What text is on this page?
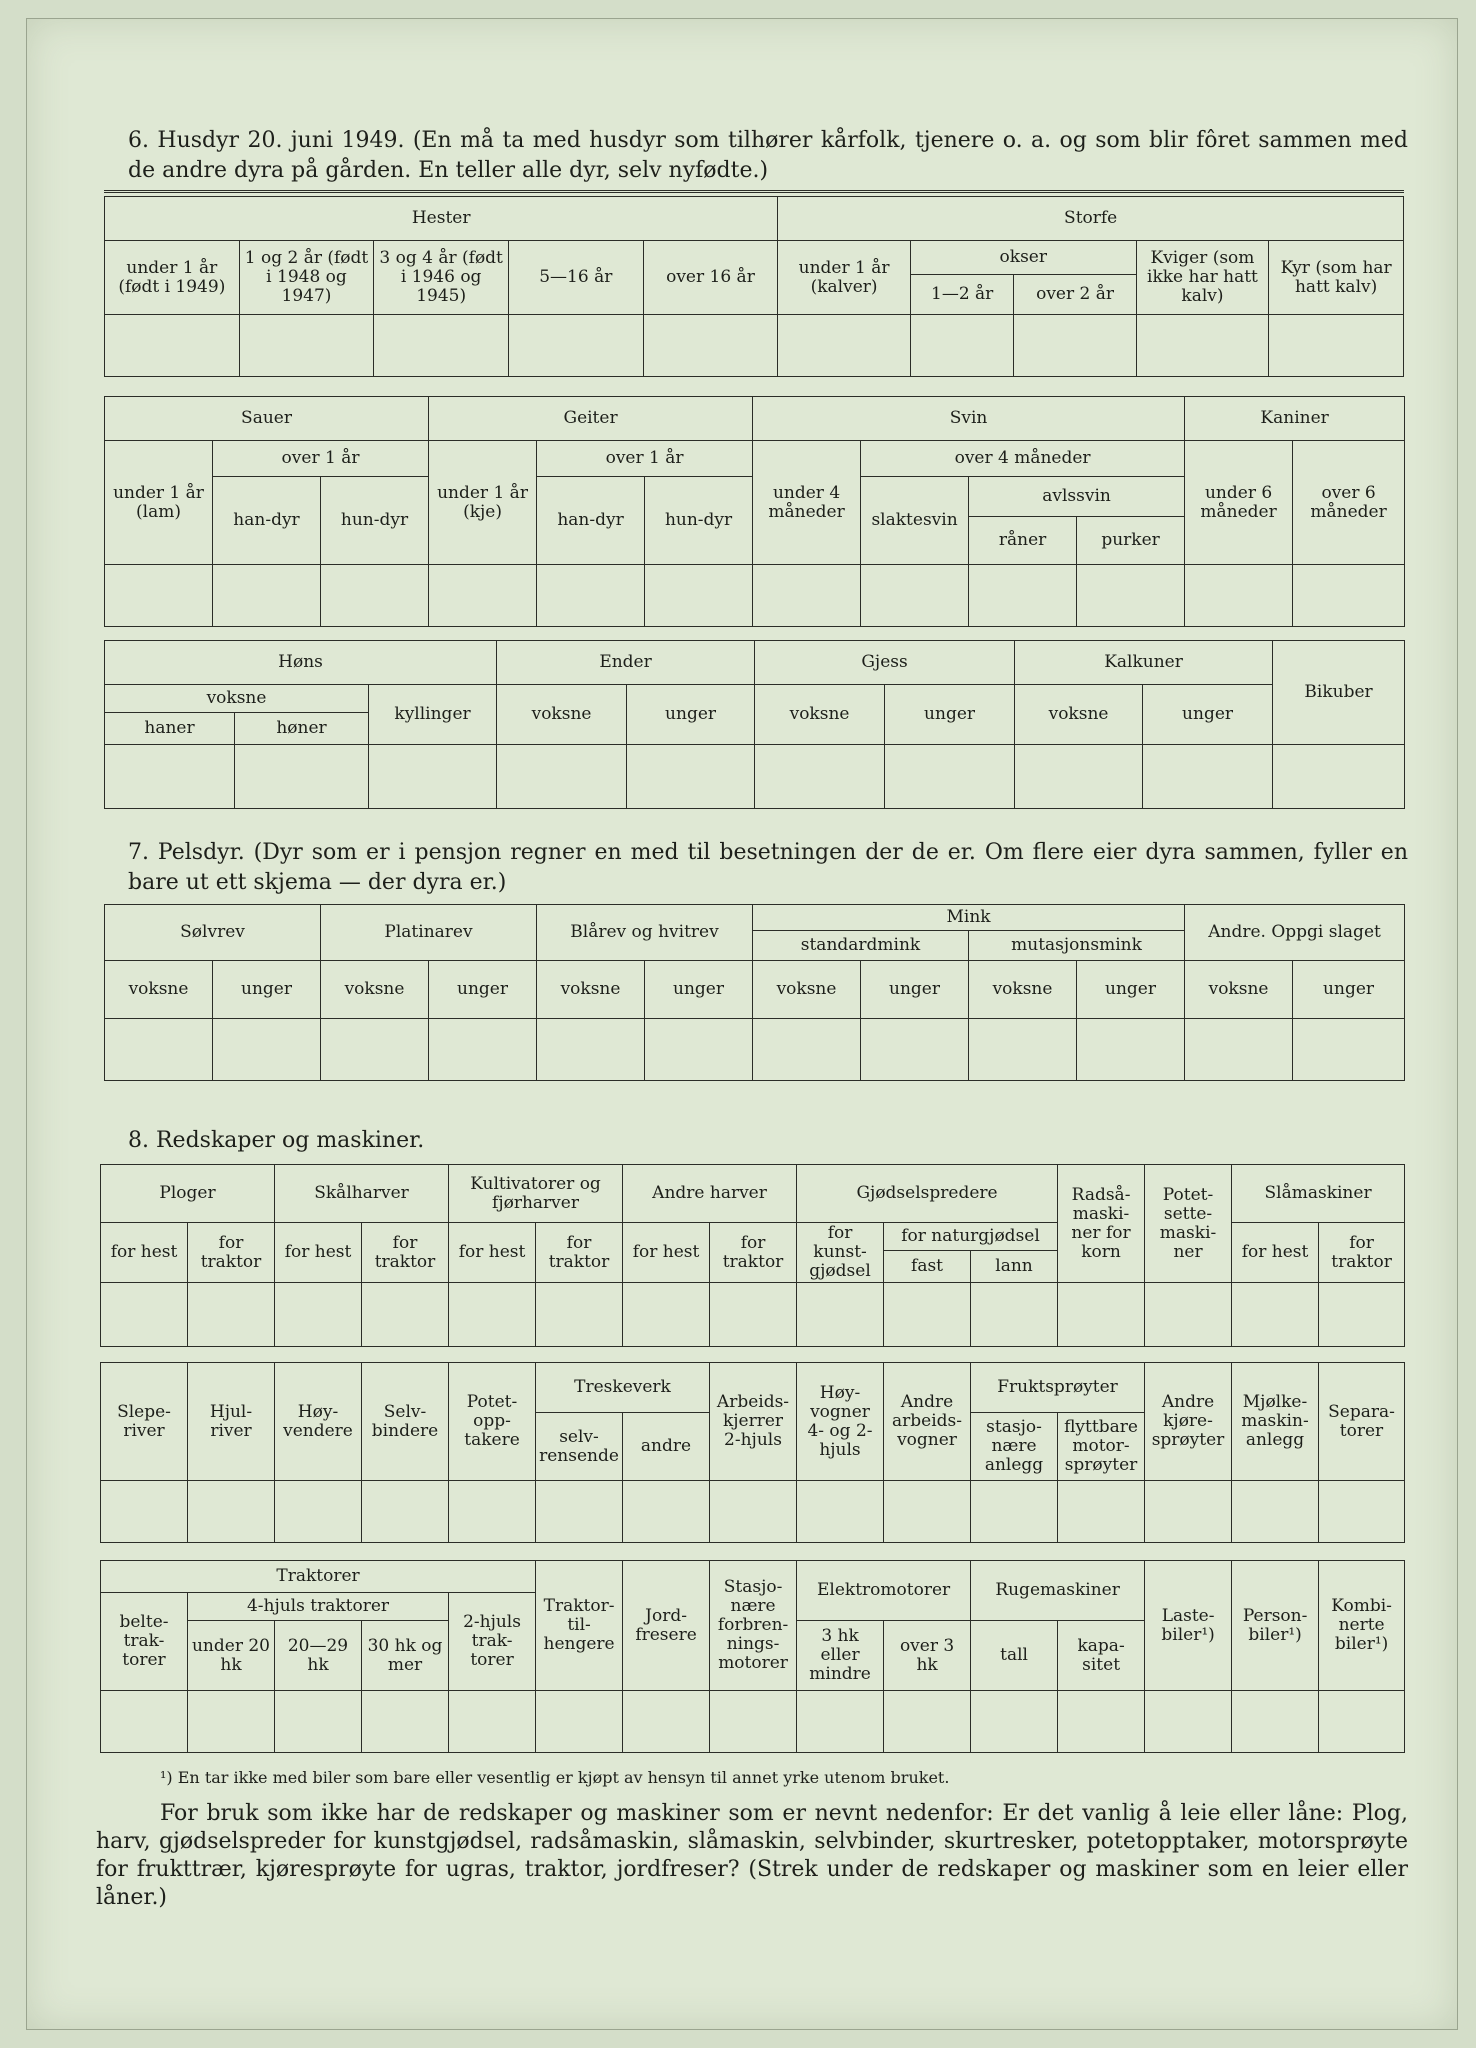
6. Husdyr 20. juni 1949. (En må ta med husdyr som tilhører kårfolk, tjenere o. a. og som blir fôret sammen med de andre dyra på gården. En teller alle dyr, selv nyfødte.)
Hester					Storfe				
under 1 år (født i 1949)	1 og 2 år (født i 1948 og 1947)	3 og 4 år (født i 1946 og 1945)	5—16 år	over 16 år	under 1 år (kalver)	okser		Kviger (som ikke har hatt kalv)	Kyr (som har hatt kalv)
						1—2 år	over 2 år		

Sauer			Geiter			Svin				Kaniner	
under 1 år (lam)	over 1 år		under 1 år (kje)	over 1 år		under 4 måneder	over 4 måneder			under 6 måneder	over 6 måneder
	han-dyr	hun-dyr		han-dyr	hun-dyr		slaktesvin	avlssvin			
								råner	purker		

Høns			Ender		Gjess		Kalkuner		Bikuber
voksne		kyllinger	voksne	unger	voksne	unger	voksne	unger	
haner	høner								

7. Pelsdyr. (Dyr som er i pensjon regner en med til besetningen der de er. Om flere eier dyra sammen, fyller en bare ut ett skjema — der dyra er.)
Sølvrev		Platinarev		Blårev og hvitrev		Mink				Andre. Oppgi slaget	
						standardmink		mutasjonsmink			
voksne	unger	voksne	unger	voksne	unger	voksne	unger	voksne	unger	voksne	unger

8. Redskaper og maskiner.
Ploger		Skålharver		Kultivatorer og fjørharver		Andre harver		Gjødselspredere			Radså-maski-ner for korn	Potet-sette-maski-ner	Slåmaskiner	
for hest	for traktor	for hest	for traktor	for hest	for traktor	for hest	for traktor	for kunst-gjødsel	for naturgjødsel				for hest	for traktor
									fast	lann				

Slepe-river	Hjul-river	Høy-vendere	Selv-bindere	Potet-opp-takere	Treskeverk		Arbeids-kjerrer 2-hjuls	Høy-vogner 4- og 2-hjuls	Andre arbeids-vogner	Fruktsprøyter		Andre kjøre-sprøyter	Mjølke-maskin-anlegg	Separa-torer
					selv-rensende	andre				stasjo-nære anlegg	flyttbare motor-sprøyter			

Traktorer					Traktor-til-hengere	Jord-fresere	Stasjo-nære forbren-nings-motorer	Elektromotorer		Rugemaskiner		Laste-biler¹)	Person-biler¹)	Kombi-nerte biler¹)
belte-trak-torer	4-hjuls traktorer			2-hjuls trak-torer										
	under 20 hk	20—29 hk	30 hk og mer					3 hk eller mindre	over 3 hk	tall	kapa-sitet			

¹) En tar ikke med biler som bare eller vesentlig er kjøpt av hensyn til annet yrke utenom bruket.
For bruk som ikke har de redskaper og maskiner som er nevnt nedenfor: Er det vanlig å leie eller låne: Plog, harv, gjødselspreder for kunstgjødsel, radsåmaskin, slåmaskin, selvbinder, skurtresker, potetopptaker, motorsprøyte for frukttrær, kjøresprøyte for ugras, traktor, jordfreser? (Strek under de redskaper og maskiner som en leier eller låner.)
